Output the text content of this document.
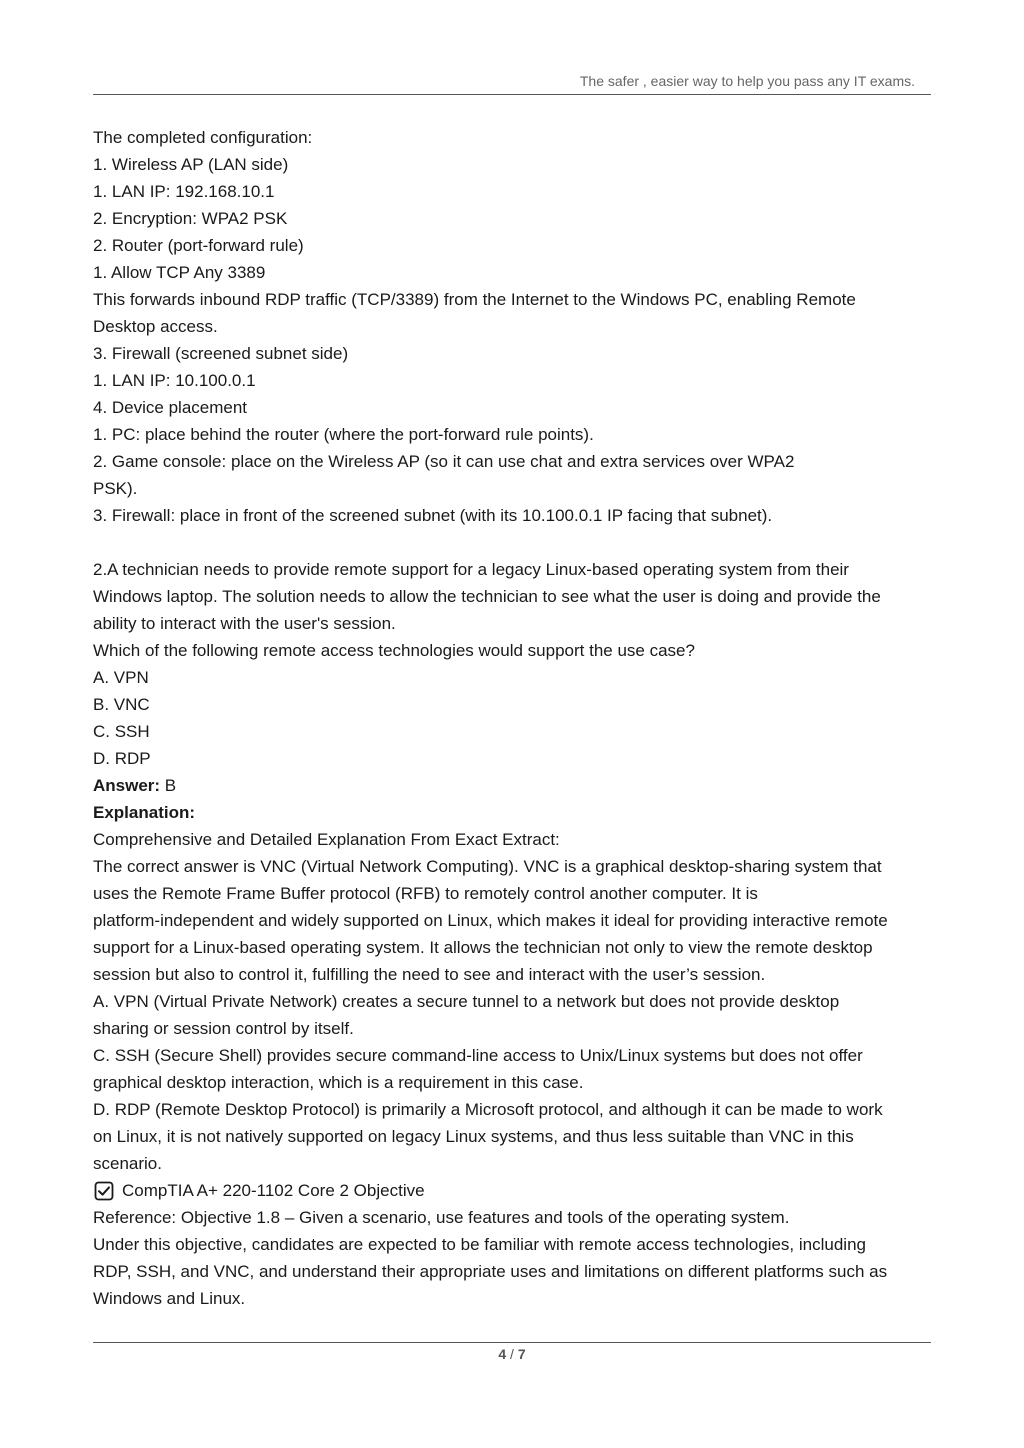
The safer , easier way to help you pass any IT exams.

The completed configuration:

1. Wireless AP (LAN side)

1. LAN IP: 192.168.10.1

2. Encryption: WPA2 PSK

2. Router (port-forward rule)

1. Allow TCP Any 3389

This forwards inbound RDP traffic (TCP/3389) from the Internet to the Windows PC, enabling Remote

Desktop access.

3. Firewall (screened subnet side)

1. LAN IP: 10.100.0.1

4. Device placement

1. PC: place behind the router (where the port-forward rule points).

2. Game console: place on the Wireless AP (so it can use chat and extra services over WPA2

PSK).

3. Firewall: place in front of the screened subnet (with its 10.100.0.1 IP facing that subnet).

2.A technician needs to provide remote support for a legacy Linux-based operating system from their

Windows laptop. The solution needs to allow the technician to see what the user is doing and provide the

ability to interact with the user's session.

Which of the following remote access technologies would support the use case?

A. VPN

B. VNC

C. SSH

D. RDP

Answer: B

Explanation:

Comprehensive and Detailed Explanation From Exact Extract:

The correct answer is VNC (Virtual Network Computing). VNC is a graphical desktop-sharing system that

uses the Remote Frame Buffer protocol (RFB) to remotely control another computer. It is

platform-independent and widely supported on Linux, which makes it ideal for providing interactive remote

support for a Linux-based operating system. It allows the technician not only to view the remote desktop

session but also to control it, fulfilling the need to see and interact with the user’s session.

A. VPN (Virtual Private Network) creates a secure tunnel to a network but does not provide desktop

sharing or session control by itself.

C. SSH (Secure Shell) provides secure command-line access to Unix/Linux systems but does not offer

graphical desktop interaction, which is a requirement in this case.

D. RDP (Remote Desktop Protocol) is primarily a Microsoft protocol, and although it can be made to work

on Linux, it is not natively supported on legacy Linux systems, and thus less suitable than VNC in this

scenario.

CompTIA A+ 220-1102 Core 2 Objective

Reference: Objective 1.8 – Given a scenario, use features and tools of the operating system.

Under this objective, candidates are expected to be familiar with remote access technologies, including

RDP, SSH, and VNC, and understand their appropriate uses and limitations on different platforms such as

Windows and Linux.

4 / 7
